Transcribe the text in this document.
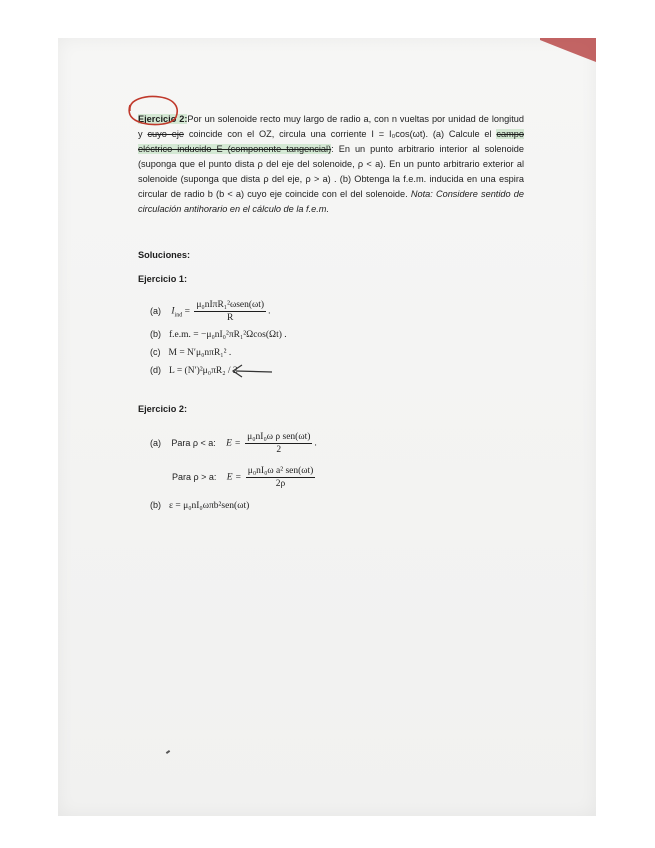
Ejercicio 2:Por un solenoide recto muy largo de radio a, con n vueltas por unidad de longitud y cuyo eje coincide con el OZ, circula una corriente I = I₀cos(ωt). (a) Calcule el campo eléctrico inducido E (componente tangencial): En un punto arbitrario interior al solenoide (suponga que el punto dista ρ del eje del solenoide, ρ < a). En un punto arbitrario exterior al solenoide (suponga que dista ρ del eje, ρ > a) . (b) Obtenga la f.e.m. inducida en una espira circular de radio b (b < a) cuyo eje coincide con el del solenoide. Nota: Considere sentido de circulación antihorario en el cálculo de la f.e.m.
Soluciones:
Ejercicio 1:
(a) $I_{ind} = \frac{\text{μ₀nIπR₁²ωsen(ωt)}}{R}$ .
(b) f.e.m. = −μ₀nI₀²πR₁²Ωcos(Ωt) .
(c) M = N′μ₀nπR₁² .
(d) L = (N′)²μ₀πR₂ / 2
Ejercicio 2:
(a) Para ρ < a: $E = \frac{\text{μ₀nI₀ω ρ sen(ωt)}}{2}$ .
Para ρ > a: $E = \frac{\text{μ₀nI₀ω a² sen(ωt)}}{2\rho}$
(b) ε = μ₀nI₀ωπb²sen(ωt)
